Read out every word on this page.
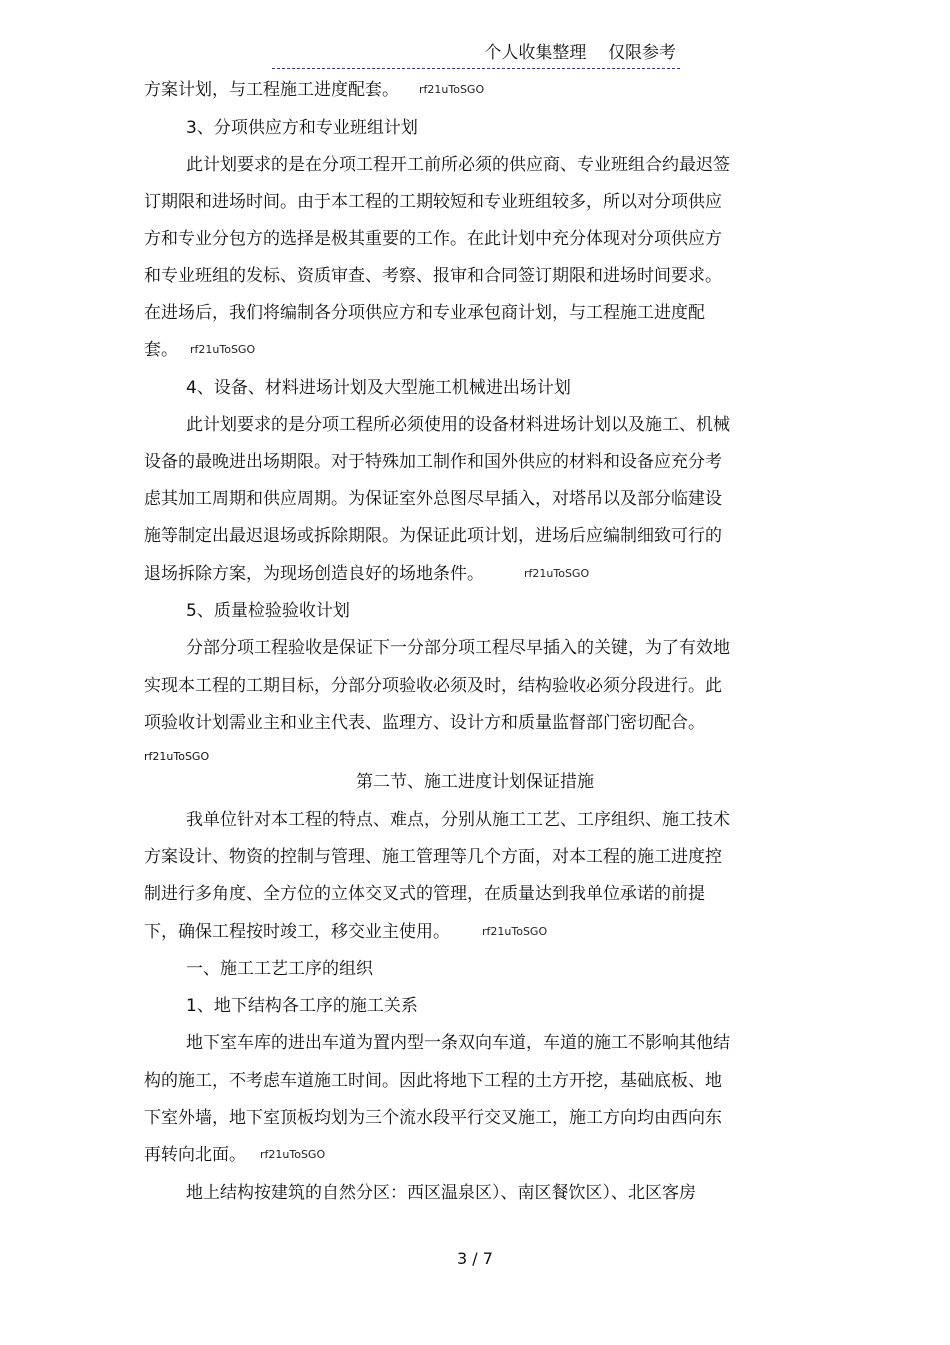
个人收集整理    仅限参考
方案计划，与工程施工进度配套。 rf21uToSGO
3、分项供应方和专业班组计划
此计划要求的是在分项工程开工前所必须的供应商、专业班组合约最迟签
订期限和进场时间。由于本工程的工期较短和专业班组较多，所以对分项供应
方和专业分包方的选择是极其重要的工作。在此计划中充分体现对分项供应方
和专业班组的发标、资质审查、考察、报审和合同签订期限和进场时间要求。
在进场后，我们将编制各分项供应方和专业承包商计划，与工程施工进度配
套。 rf21uToSGO
4、设备、材料进场计划及大型施工机械进出场计划
此计划要求的是分项工程所必须使用的设备材料进场计划以及施工、机械
设备的最晚进出场期限。对于特殊加工制作和国外供应的材料和设备应充分考
虑其加工周期和供应周期。为保证室外总图尽早插入，对塔吊以及部分临建设
施等制定出最迟退场或拆除期限。为保证此项计划，进场后应编制细致可行的
退场拆除方案，为现场创造良好的场地条件。	rf21uToSGO
5、质量检验验收计划
分部分项工程验收是保证下一分部分项工程尽早插入的关键，为了有效地
实现本工程的工期目标，分部分项验收必须及时，结构验收必须分段进行。此
项验收计划需业主和业主代表、监理方、设计方和质量监督部门密切配合。
rf21uToSGO
第二节、施工进度计划保证措施
我单位针对本工程的特点、难点，分别从施工工艺、工序组织、施工技术
方案设计、物资的控制与管理、施工管理等几个方面，对本工程的施工进度控
制进行多角度、全方位的立体交叉式的管理，在质量达到我单位承诺的前提
下，确保工程按时竣工，移交业主使用。	rf21uToSGO
一、施工工艺工序的组织
1、地下结构各工序的施工关系
地下室车库的进出车道为置内型一条双向车道，车道的施工不影响其他结
构的施工，不考虑车道施工时间。因此将地下工程的土方开挖，基础底板、地
下室外墙，地下室顶板均划为三个流水段平行交叉施工，施工方向均由西向东
再转向北面。 rf21uToSGO
地上结构按建筑的自然分区：西区温泉区）、南区餐饮区）、北区客房
3 / 7
